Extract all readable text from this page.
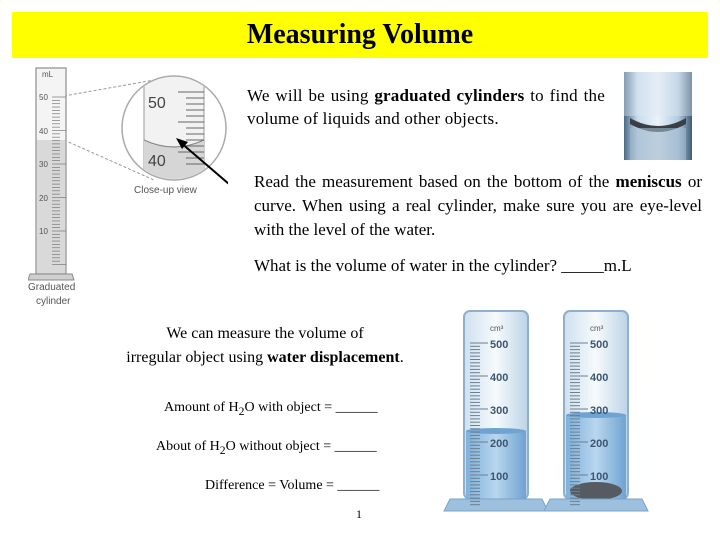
Measuring Volume
mL
50
40
30
20
10
50
40
Close-up view
Graduated
cylinder
We will be using graduated cylinders to find the volume of liquids and other objects.
Read the measurement based on the bottom of the meniscus or curve. When using a real cylinder, make sure you are eye-level with the level of the water.
What is the volume of water in the cylinder? _____m.L
We can measure the volume of
irregular object using water displacement.
Amount of $H_2O$ with object = ______
About of $H_2O$ without object = ______
Difference = Volume = ______
1
cm³
500
400
300
200
100
cm³
500
400
300
200
100
